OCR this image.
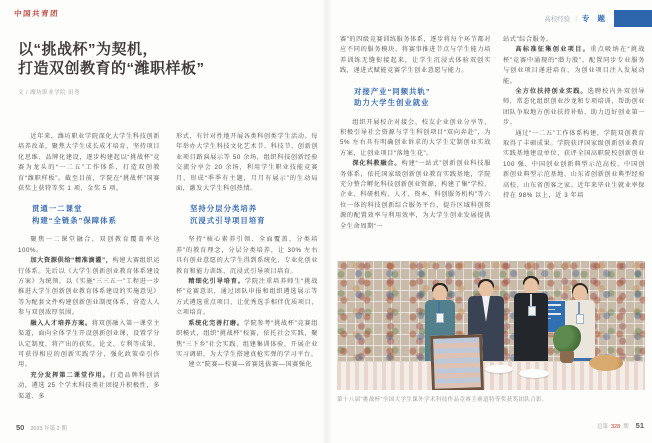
中国共青团
以“挑战杯”为契机，
打造双创教育的“潍职样板”
文 / 潍坊职业学院 田秀

近年来，潍坊职业学院深化大学生科技创新培养改革，聚焦大学生成长成才培育，坚持项目化思维、品牌化建设，逐步构建起以“挑战杯”竞赛为龙头的“一二五”工作体系，打造双创教育“潍职样板”。截至目前，学院在“挑战杯”国赛获奖上获特等奖 1 项、金奖 5 项。

贯通一二课堂
构建“全链条”保障体系

聚焦一二课堂融合，双创教育覆盖率达 100%。

加大资源供给“精准滴灌”，构建大赛组织运行体系。先后以《大学生创新创业教育体系建设方案》为统领，以《实施“三三五一”工程进一步推进大学生创新创业教育体系建设的实施意见》等为配套文件构建创新创业制度体系，营造人人参与双创浓厚氛围。

融入人才培养方案。将双创融入第一课堂主渠道，面向全体学生开设创新创业课，设置学分认定制度，将产出的获奖、论文、专利等成果，可获得相应的创新实践学分，强化政策牵引作用。

充分发挥第二课堂作用。打造品牌科创活动，遴选 25 个学术科技类社团提升积极性，多渠道、多

形式，有针对性地开展各类科创类学生活动。每年举办大学生科技文化艺术节、科技节、创新创业项目路演展示等 50 余场，组织科技创新经验交流分享会 20 余场，利用学生职业技能竞赛月，形成“季季有主题，月月有展示”的生动局面，激发大学生科创热情。

坚持分层分类培养
沉浸式引导项目培育

坚持“核心素养引领、全面覆盖、分类培养”的教育理念，分层分类培养，让 30% 左右具有创业意愿的大学生得到系统化、专业化创业教育和能力训练，沉浸式引导项目培育。

精细化引导培育。学院注重培养师生“挑战杯”竞赛意识，通过团队申报和组织遴选展示等方式遴选重点项目，让优秀选手相伴优质项目，立项培育。

系统化完善打磨。学院参考“挑战杯”竞赛组织模式，组织“挑战杯”校赛，依托社会实践，聚焦“三下乡”社会实践，组建集训体验，开展企业实习调研，为大学生搭建真枪实弹的学习平台。

建立“院赛—校赛—省赛选拔赛—国赛强化

50 2023 年第 2 期
高校经验 | 专 题

赛”的四级竞赛训练服务体系，逐步将每个环节都对应不同的服务模块，将赛事推进节点与学生能力培养训练无缝衔接起来，让学生沉浸式体验双创实践，递进式赋能竞赛学生创业意愿与能力。

对接产业“同频共轨”
助力大学生创业就业

组织开展校企对接会、校友企业创业分享等，积极引导社会资源与学生科创项目“双向奔赴”，为 5% 左右具有明确创业诉求的大学生定制创业实战方案，让创业项目“落地生花”。

深化科教融合。构建“一站式”创新创业科技服务体系，依托国家级创新创业教育实践基地，学院充分整合孵化科技创新创业资源，构建了集“学校、企业、科研机构、人才、资本、科创服务机构”等六位一体的科技创新综合服务平台，提升区域科创资源的配置效率与利用效率，为大学生创业发展提供全生命周期“一

站式”综合服务。

高标准征集创业项目。重点吸纳在“挑战杯”竞赛中涌现的“潜力股”，配置同步专业服务与创业项目递进培育，为创业项目注入发展动能。

全方位扶持创业实践。选聘校内外双创导师，常态化组织创业沙龙和专项培训，帮助创业团队争取地方创业扶持补贴，助力迈好创业第一步。

通过“一二五”工作体系构建，学院双创教育取得了丰硕成果。学院获评国家级创新创业教育实践基地建设单位，获评全国高职院校创新创业 100 强、中国创业创新典型示范高校、中国创新创业典型示范基地、山东省创新创业典型经验高校、山东省创客之家。近年来毕业生就业率保持在 98% 以上，近 3 年培

第十八届“挑战杯”全国大学生课外学术科技作品竞赛主赛道特等奖获奖团队合影。
总第 328 期 51
